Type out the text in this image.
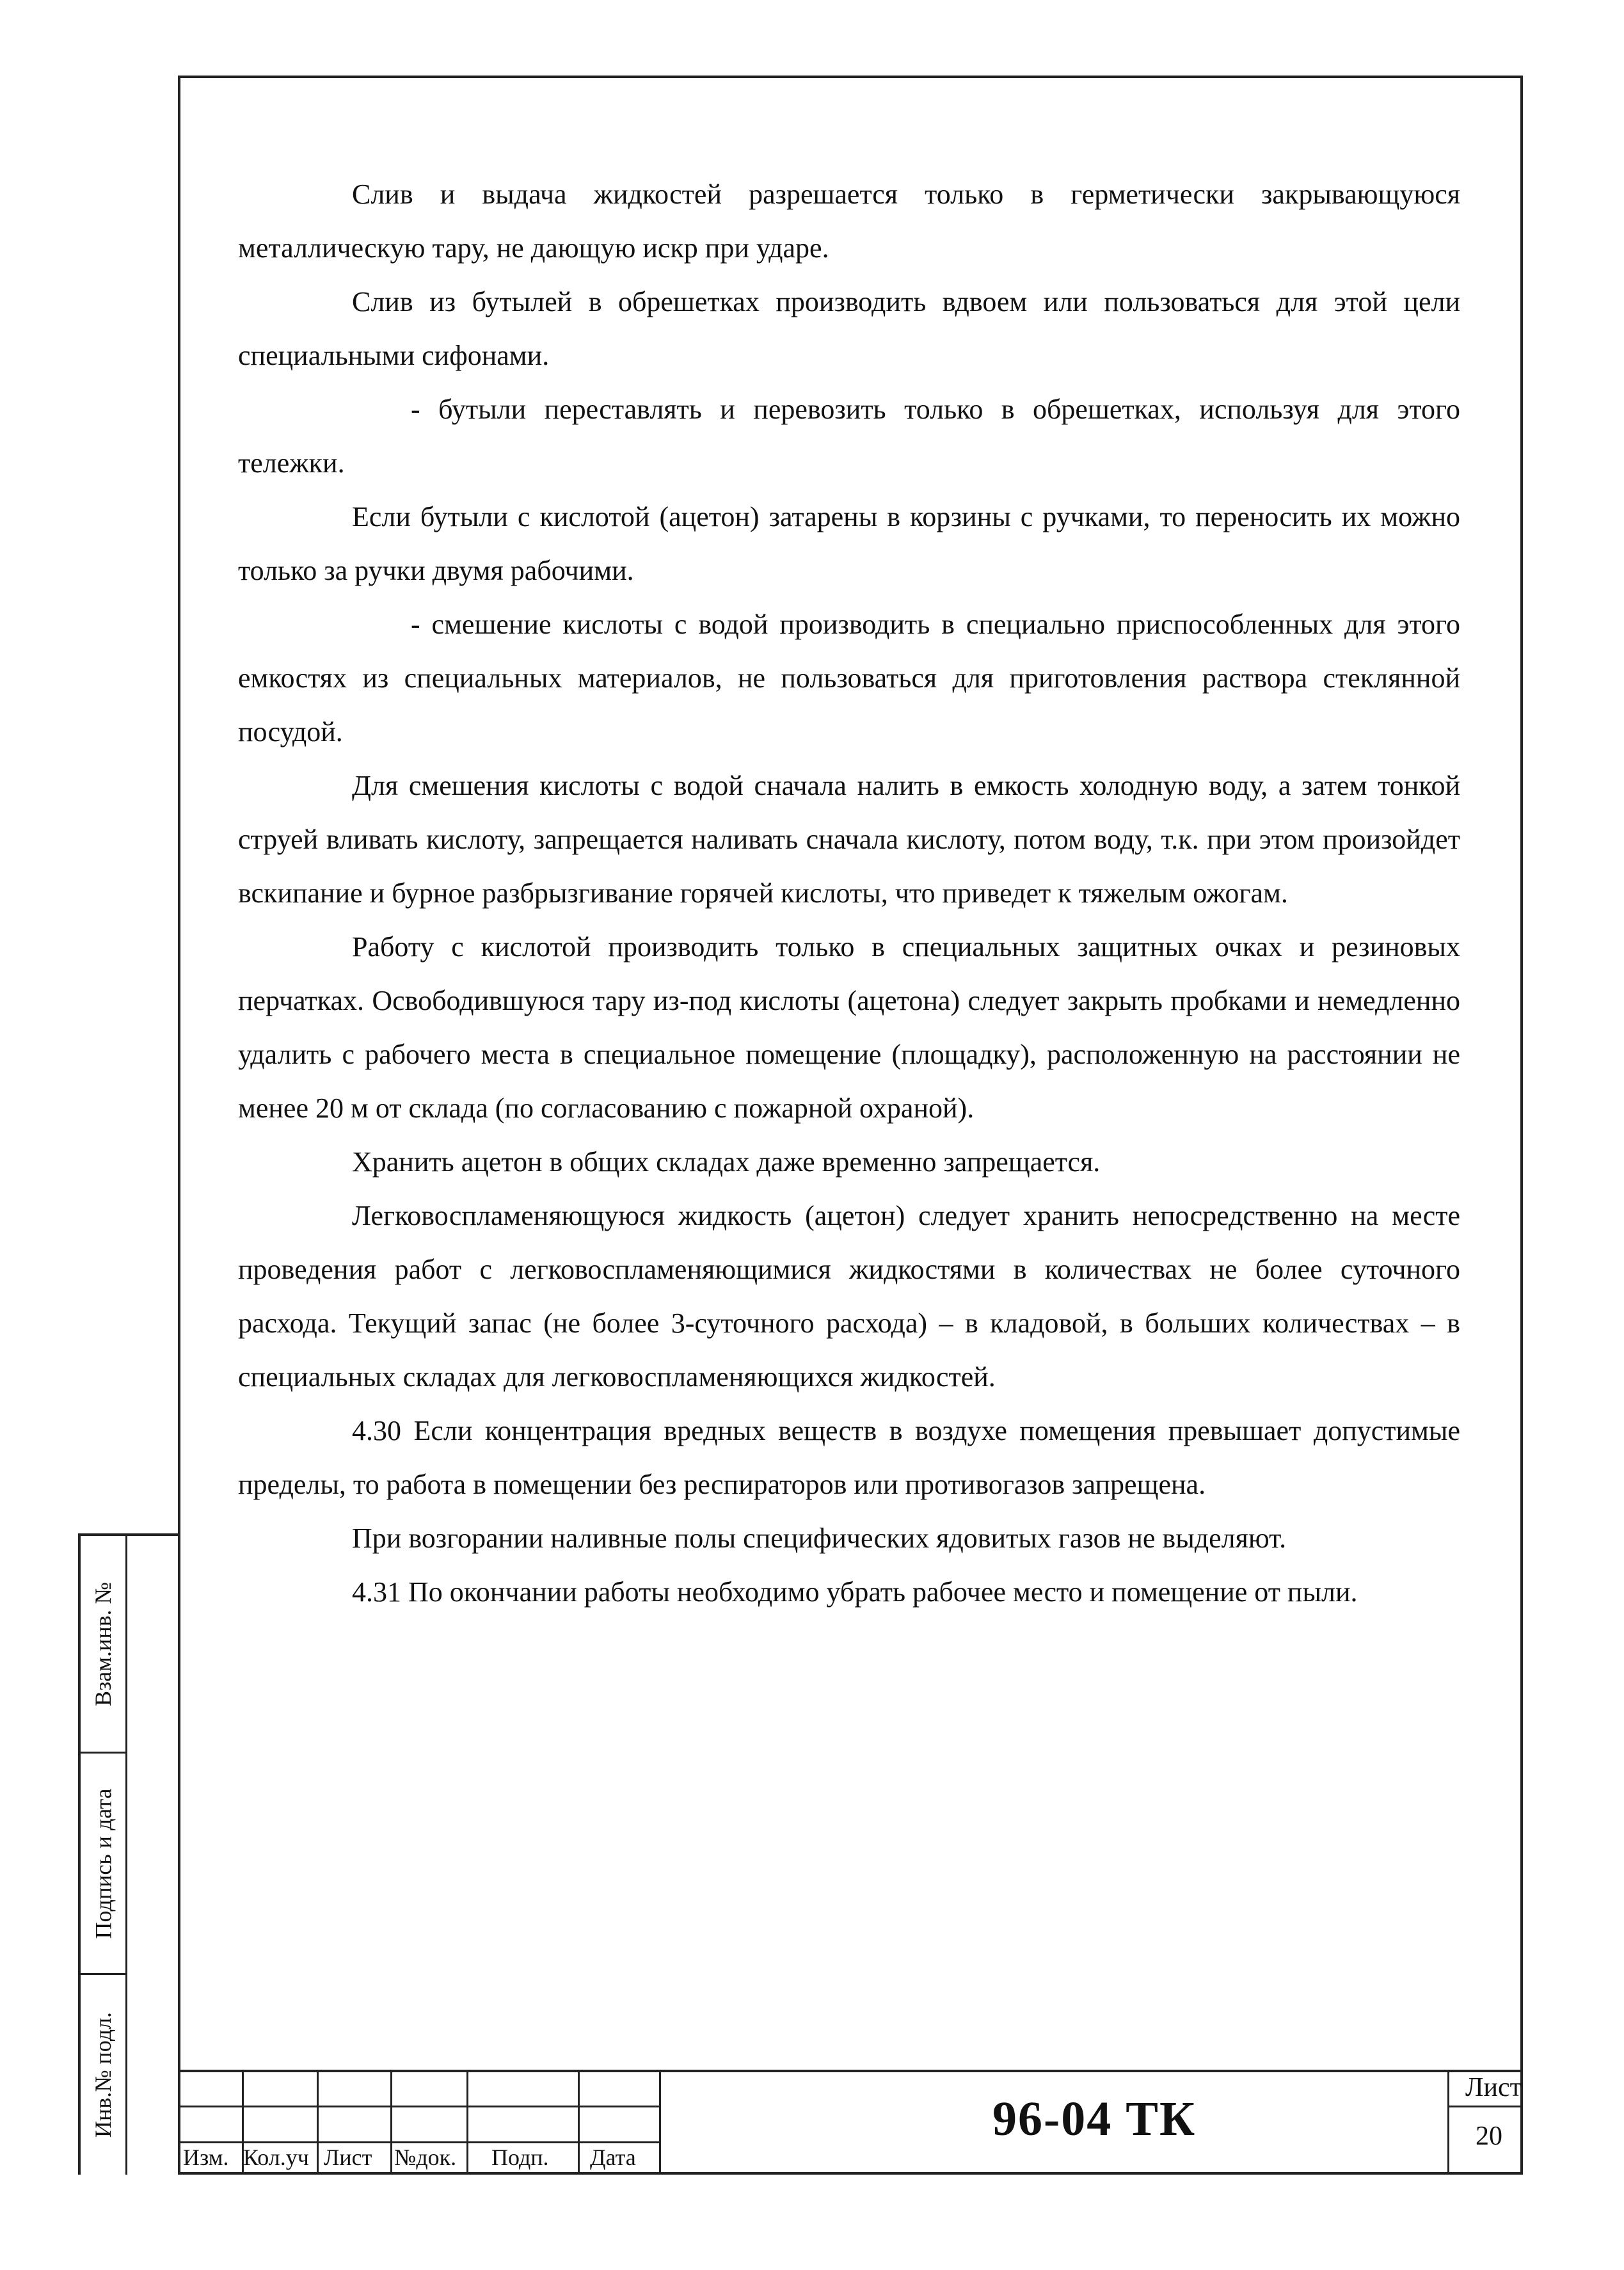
Слив и выдача жидкостей разрешается только в герметически закрывающуюся металлическую тару, не дающую искр при ударе.

Слив из бутылей в обрешетках производить вдвоем или пользоваться для этой цели специальными сифонами.

- бутыли переставлять и перевозить только в обрешетках, используя для этого тележки.

Если бутыли с кислотой (ацетон) затарены в корзины с ручками, то переносить их можно только за ручки двумя рабочими.

- смешение кислоты с водой производить в специально приспособленных для этого емкостях из специальных материалов, не пользоваться для приготовления раствора стеклянной посудой.

Для смешения кислоты с водой сначала налить в емкость холодную воду, а затем тонкой струей вливать кислоту, запрещается наливать сначала кислоту, потом воду, т.к. при этом произойдет вскипание и бурное разбрызгивание горячей кислоты, что приведет к тяжелым ожогам.

Работу с кислотой производить только в специальных защитных очках и резиновых перчатках. Освободившуюся тару из-под кислоты (ацетона) следует закрыть пробками и немедленно удалить с рабочего места в специальное помещение (площадку), расположенную на расстоянии не менее 20 м от склада (по согласованию с пожарной охраной).

Хранить ацетон в общих складах даже временно запрещается.

Легковоспламеняющуюся жидкость (ацетон) следует хранить непосредственно на месте проведения работ с легковоспламеняющимися жидкостями в количествах не более суточного расхода. Текущий запас (не более 3-суточного расхода) – в кладовой, в больших количествах – в специальных складах для легковоспламеняющихся жидкостей.

4.30 Если концентрация вредных веществ в воздухе помещения превышает допустимые пределы, то работа в помещении без респираторов или противогазов запрещена.

При возгорании наливные полы специфических ядовитых газов не выделяют.

4.31 По окончании работы необходимо убрать рабочее место и помещение от пыли.

Взам.инв. №
Подпись и дата
Инв.№ подл.
Изм. Кол.уч Лист №док. Подп. Дата
96-04 ТК
Лист
20
